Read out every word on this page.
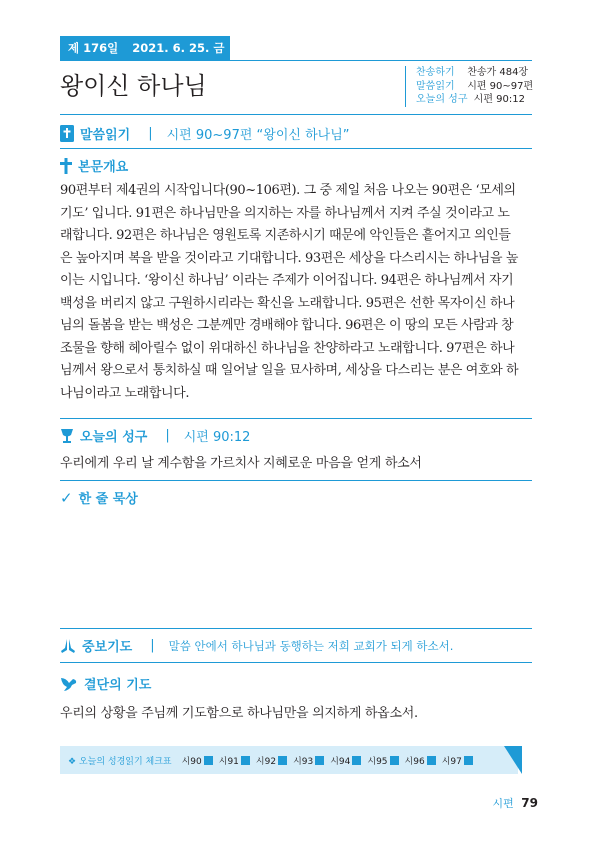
제 176일	2021. 6. 25. 금
왕이신 하나님	찬송하기 찬송가 484장
말씀읽기 시편 90~97편
오늘의 성구 시편 90:12
말씀읽기 | 시편 90~97편 “왕이신 하나님”
본문개요
90편부터 제4권의 시작입니다(90~106편). 그 중 제일 처음 나오는 90편은 ‘모세의
기도’ 입니다. 91편은 하나님만을 의지하는 자를 하나님께서 지켜 주실 것이라고 노
래합니다. 92편은 하나님은 영원토록 지존하시기 때문에 악인들은 흩어지고 의인들
은 높아지며 복을 받을 것이라고 기대합니다. 93편은 세상을 다스리시는 하나님을 높
이는 시입니다. ‘왕이신 하나님’ 이라는 주제가 이어집니다. 94편은 하나님께서 자기
백성을 버리지 않고 구원하시리라는 확신을 노래합니다. 95편은 선한 목자이신 하나
님의 돌봄을 받는 백성은 그분께만 경배해야 합니다. 96편은 이 땅의 모든 사람과 창
조물을 향해 헤아릴수 없이 위대하신 하나님을 찬양하라고 노래합니다. 97편은 하나
님께서 왕으로서 통치하실 때 일어날 일을 묘사하며, 세상을 다스리는 분은 여호와 하
나님이라고 노래합니다.
오늘의 성구 | 시편 90:12
우리에게 우리 날 계수함을 가르치사 지혜로운 마음을 얻게 하소서
✓ 한 줄 묵상
중보기도 | 말씀 안에서 하나님과 동행하는 저희 교회가 되게 하소서.
결단의 기도
우리의 상황을 주님께 기도함으로 하나님만을 의지하게 하옵소서.
❖ 오늘의 성경읽기 체크표 시90 시91 시92 시93 시94 시95 시96 시97
시편 79
